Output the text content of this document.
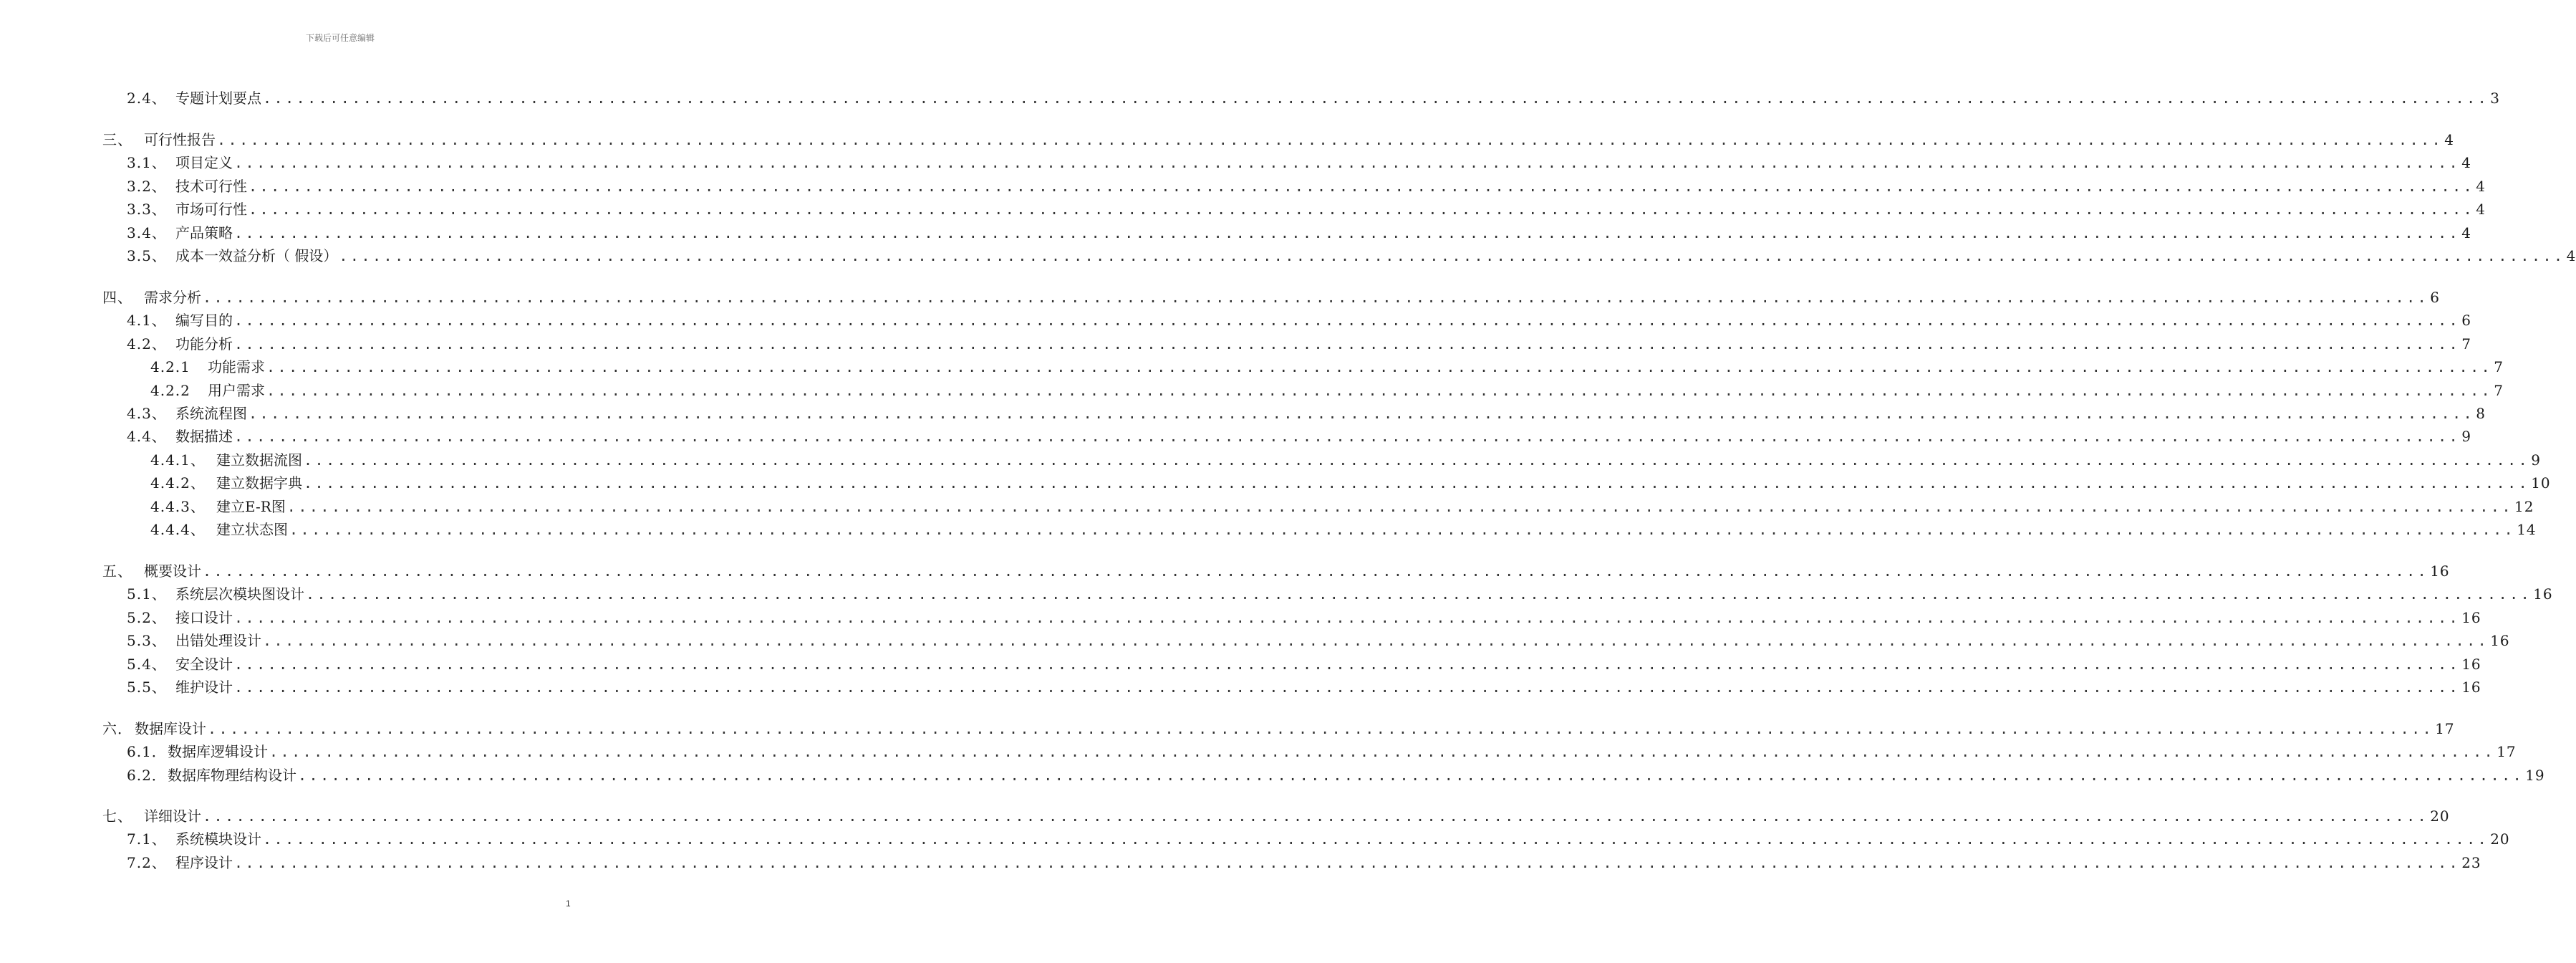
下载后可任意编辑
2.4、 专题计划要点 ........................................................................................................................................................................................................ 3
三、 可行性报告 ........................................................................................................................................................................................................ 4
3.1、 项目定义 ........................................................................................................................................................................................................ 4
3.2、 技术可行性 ........................................................................................................................................................................................................ 4
3.3、 市场可行性 ........................................................................................................................................................................................................ 4
3.4、 产品策略 ........................................................................................................................................................................................................ 4
3.5、 成本一效益分析（ 假设） ........................................................................................................................................................................................................ 4
四、 需求分析 ........................................................................................................................................................................................................ 6
4.1、 编写目的 ........................................................................................................................................................................................................ 6
4.2、 功能分析 ........................................................................................................................................................................................................ 7
4.2.1	功能需求 ........................................................................................................................................................................................................ 7
4.2.2	用户需求 ........................................................................................................................................................................................................ 7
4.3、 系统流程图 ........................................................................................................................................................................................................ 8
4.4、 数据描述 ........................................................................................................................................................................................................ 9
4.4.1、 建立数据流图 ........................................................................................................................................................................................................ 9
4.4.2、 建立数据字典 ........................................................................................................................................................................................................ 10
4.4.3、 建立E-R图 ........................................................................................................................................................................................................ 12
4.4.4、 建立状态图 ........................................................................................................................................................................................................ 14
五、 概要设计 ........................................................................................................................................................................................................ 16
5.1、 系统层次模块图设计 ........................................................................................................................................................................................................ 16
5.2、 接口设计 ........................................................................................................................................................................................................ 16
5.3、 出错处理设计 ........................................................................................................................................................................................................ 16
5.4、 安全设计 ........................................................................................................................................................................................................ 16
5.5、 维护设计 ........................................................................................................................................................................................................ 16
六． 数据库设计 ........................................................................................................................................................................................................ 17
6.1． 数据库逻辑设计 ........................................................................................................................................................................................................ 17
6.2． 数据库物理结构设计 ........................................................................................................................................................................................................ 19
七、 详细设计 ........................................................................................................................................................................................................ 20
7.1、 系统模块设计 ........................................................................................................................................................................................................ 20
7.2、 程序设计 ........................................................................................................................................................................................................ 23
1
